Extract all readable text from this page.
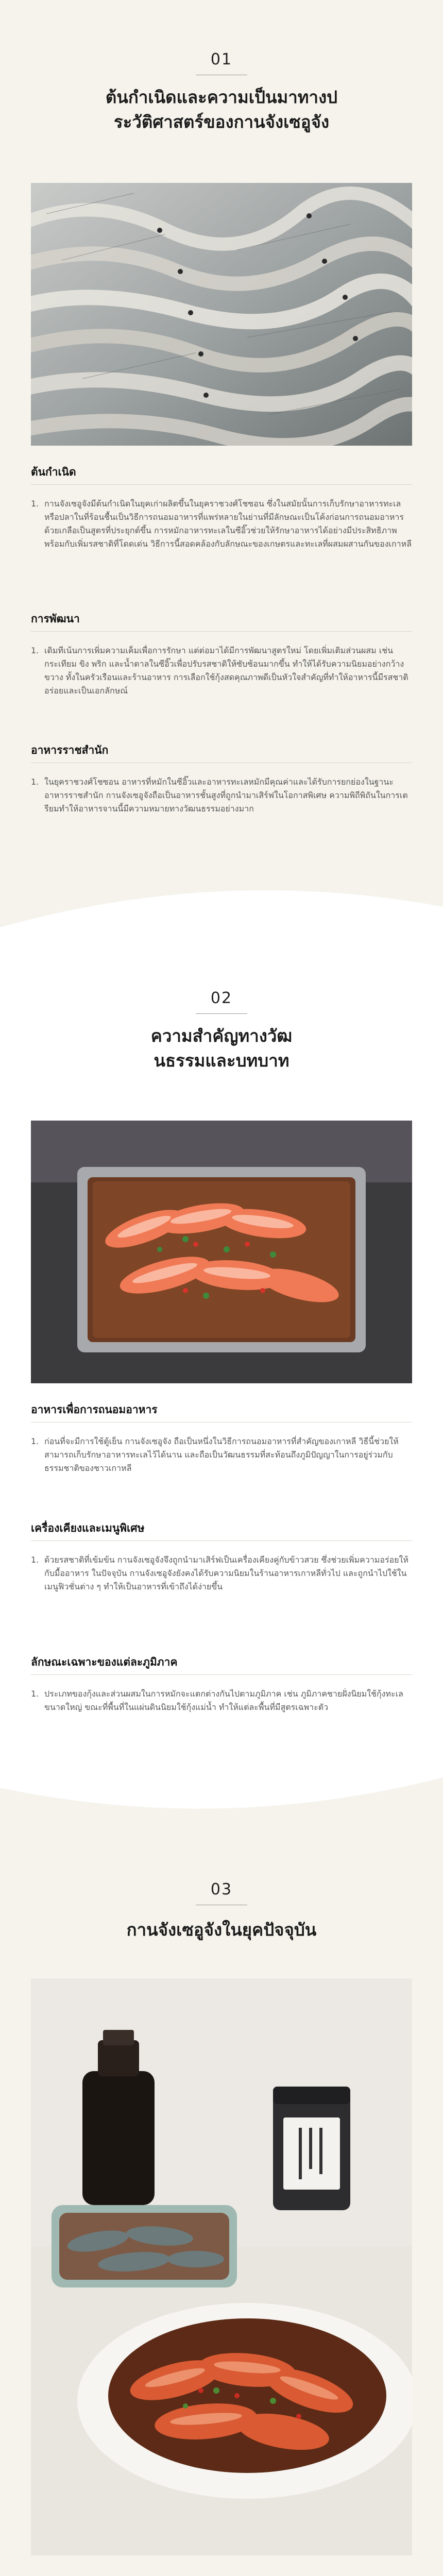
01
ต้นกำเนิดและความเป็นมาทางป
ระวัติศาสตร์ของกานจังเซอูจัง
ต้นกำเนิด
1. กานจังเซอูจังมีต้นกำเนิดในยุคเก่าผลิตขึ้นในยุคราชวงศ์โชซอน ซึ่งในสมัยนั้นการเก็บรักษาอาหารทะเลหรือปลาในที่ร้อนชื้นเป็นวิธีการถนอมอาหารที่แพร่หลายในย่านที่มีลักษณะเป็นโค้งก่อนการถนอมอาหารด้วยเกลือเป็นสูตรที่ประยุกต์ขึ้น การหมักอาหารทะเลในซีอิ๊วช่วยให้รักษาอาหารได้อย่างมีประสิทธิภาพ พร้อมกับเพิ่มรสชาติที่โดดเด่น วิธีการนี้สอดคล้องกับลักษณะของเกษตรและทะเลที่ผสมผสานกันของเกาหลี
การพัฒนา
1. เดิมทีเน้นการเพิ่มความเค็มเพื่อการรักษา แต่ต่อมาได้มีการพัฒนาสูตรใหม่ โดยเพิ่มเติมส่วนผสม เช่น กระเทียม ขิง พริก และน้ำตาลในซีอิ๊วเพื่อปรับรสชาติให้ซับซ้อนมากขึ้น ทำให้ได้รับความนิยมอย่างกว้างขวาง ทั้งในครัวเรือนและร้านอาหาร การเลือกใช้กุ้งสดคุณภาพดีเป็นหัวใจสำคัญที่ทำให้อาหารนี้มีรสชาติอร่อยและเป็นเอกลักษณ์
อาหารราชสำนัก
1. ในยุคราชวงศ์โชซอน อาหารที่หมักในซีอิ๊วและอาหารทะเลหมักมีคุณค่าและได้รับการยกย่องในฐานะอาหารราชสำนัก กานจังเซอูจังถือเป็นอาหารชั้นสูงที่ถูกนำมาเสิร์ฟในโอกาสพิเศษ ความพิถีพิถันในการเตรียมทำให้อาหารจานนี้มีความหมายทางวัฒนธรรมอย่างมาก
02
ความสำคัญทางวัฒ
นธรรมและบทบาท
อาหารเพื่อการถนอมอาหาร
1. ก่อนที่จะมีการใช้ตู้เย็น กานจังเซอูจัง ถือเป็นหนึ่งในวิธีการถนอมอาหารที่สำคัญของเกาหลี วิธีนี้ช่วยให้สามารถเก็บรักษาอาหารทะเลไว้ได้นาน และถือเป็นวัฒนธรรมที่สะท้อนถึงภูมิปัญญาในการอยู่ร่วมกับธรรมชาติของชาวเกาหลี
เครื่องเคียงและเมนูพิเศษ
1. ด้วยรสชาติที่เข้มข้น กานจังเซอูจังจึงถูกนำมาเสิร์ฟเป็นเครื่องเคียงคู่กับข้าวสวย ซึ่งช่วยเพิ่มความอร่อยให้กับมื้ออาหาร ในปัจจุบัน กานจังเซอูจังยังคงได้รับความนิยมในร้านอาหารเกาหลีทั่วไป และถูกนำไปใช้ในเมนูฟิวชั่นต่าง ๆ ทำให้เป็นอาหารที่เข้าถึงได้ง่ายขึ้น
ลักษณะเฉพาะของแต่ละภูมิภาค
1. ประเภทของกุ้งและส่วนผสมในการหมักจะแตกต่างกันไปตามภูมิภาค เช่น ภูมิภาคชายฝั่งนิยมใช้กุ้งทะเลขนาดใหญ่ ขณะที่พื้นที่ในแผ่นดินนิยมใช้กุ้งแม่น้ำ ทำให้แต่ละพื้นที่มีสูตรเฉพาะตัว
03
กานจังเซอูจังในยุคปัจจุบัน
